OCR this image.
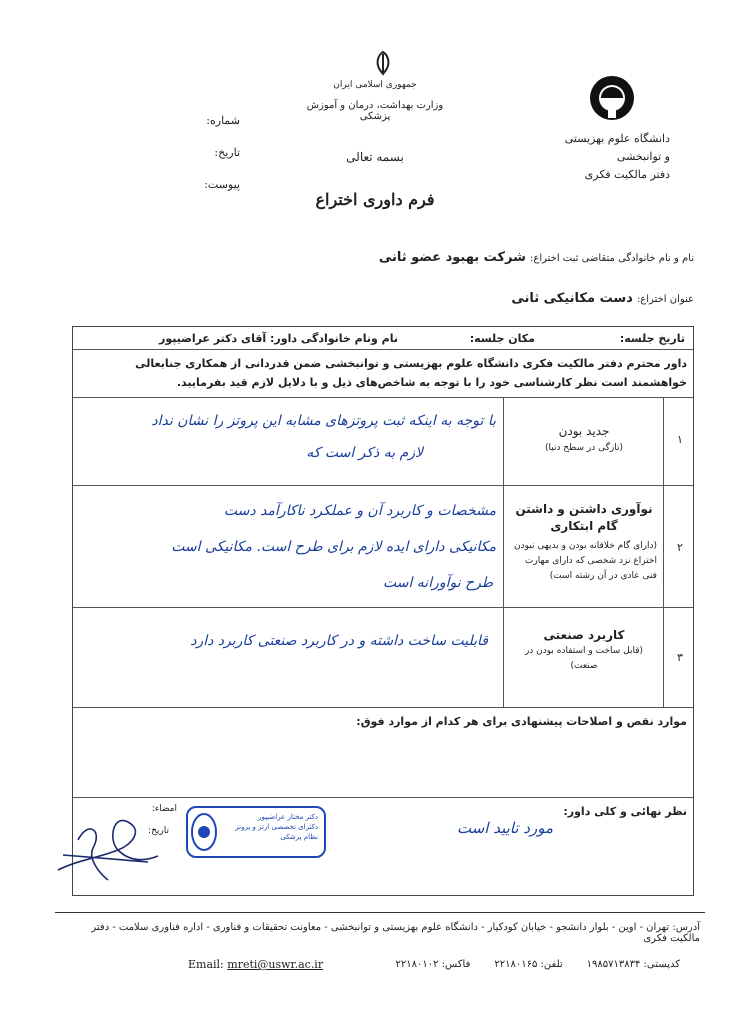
دانشگاه علوم بهزیستی و توانبخشی
دفتر مالکیت فکری
جمهوری اسلامی ایران
وزارت بهداشت، درمان و آموزش پزشکی
بسمه تعالی
فرم داوری اختراع
شماره:
تاریخ:
پیوست:
نام و نام خانوادگی متقاضی ثبت اختراع: شرکت بهبود عضو ثانی
عنوان اختراع: دست مکانیکی ثانی
تاریخ جلسه:
مکان جلسه:
نام ونام خانوادگی داور: آقای دکتر عراضیپور
داور محترم دفتر مالکیت فکری دانشگاه علوم بهزیستی و توانبخشی ضمن قدردانی از همکاری جنابعالی خواهشمند است نظر کارشناسی خود را با توجه به شاخص‌های ذیل و با دلایل لازم قید بفرمایید.
۱
جدید بودن
(تازگی در سطح دنیا)
با توجه به اینکه ثبت پروتزهای مشابه این پروتز را نشان نداد
لازم به ذکر است که
۲
نوآوری داشتن و داشتن گام ابتکاری
(دارای گام خلاقانه بودن و بدیهی نبودن اختراع نزد شخصی که دارای مهارت فنی عادی در آن رشته است)
مشخصات و کاربرد آن و عملکرد ناکارآمد دست
مکانیکی دارای ایده لازم برای طرح است. مکانیکی است
طرح نوآورانه است
۳
کاربرد صنعتی
(قابل ساخت و استفاده بودن در صنعت)
قابلیت ساخت داشته و در کاربرد صنعتی کاربرد دارد
موارد نقص و اصلاحات پیشنهادی برای هر کدام از موارد فوق:
نظر نهائی و کلی داور:
مورد تایید است
امضاء:
تاریخ:
دکتر مختار عراضیپور
دکترای تخصصی ارتز و پروتز
نظام پزشکی
آدرس: تهران - اوین - بلوار دانشجو - خیابان کودکیار - دانشگاه علوم بهزیستی و توانبخشی - معاونت تحقیقات و فناوری - اداره فناوری سلامت - دفتر مالکیت فکری
Email: mreti@uswr.ac.ir	کدپستی: ۱۹۸۵۷۱۳۸۳۴
تلفن: ۲۲۱۸۰۱۶۵
فاکس: ۲۲۱۸۰۱۰۲
